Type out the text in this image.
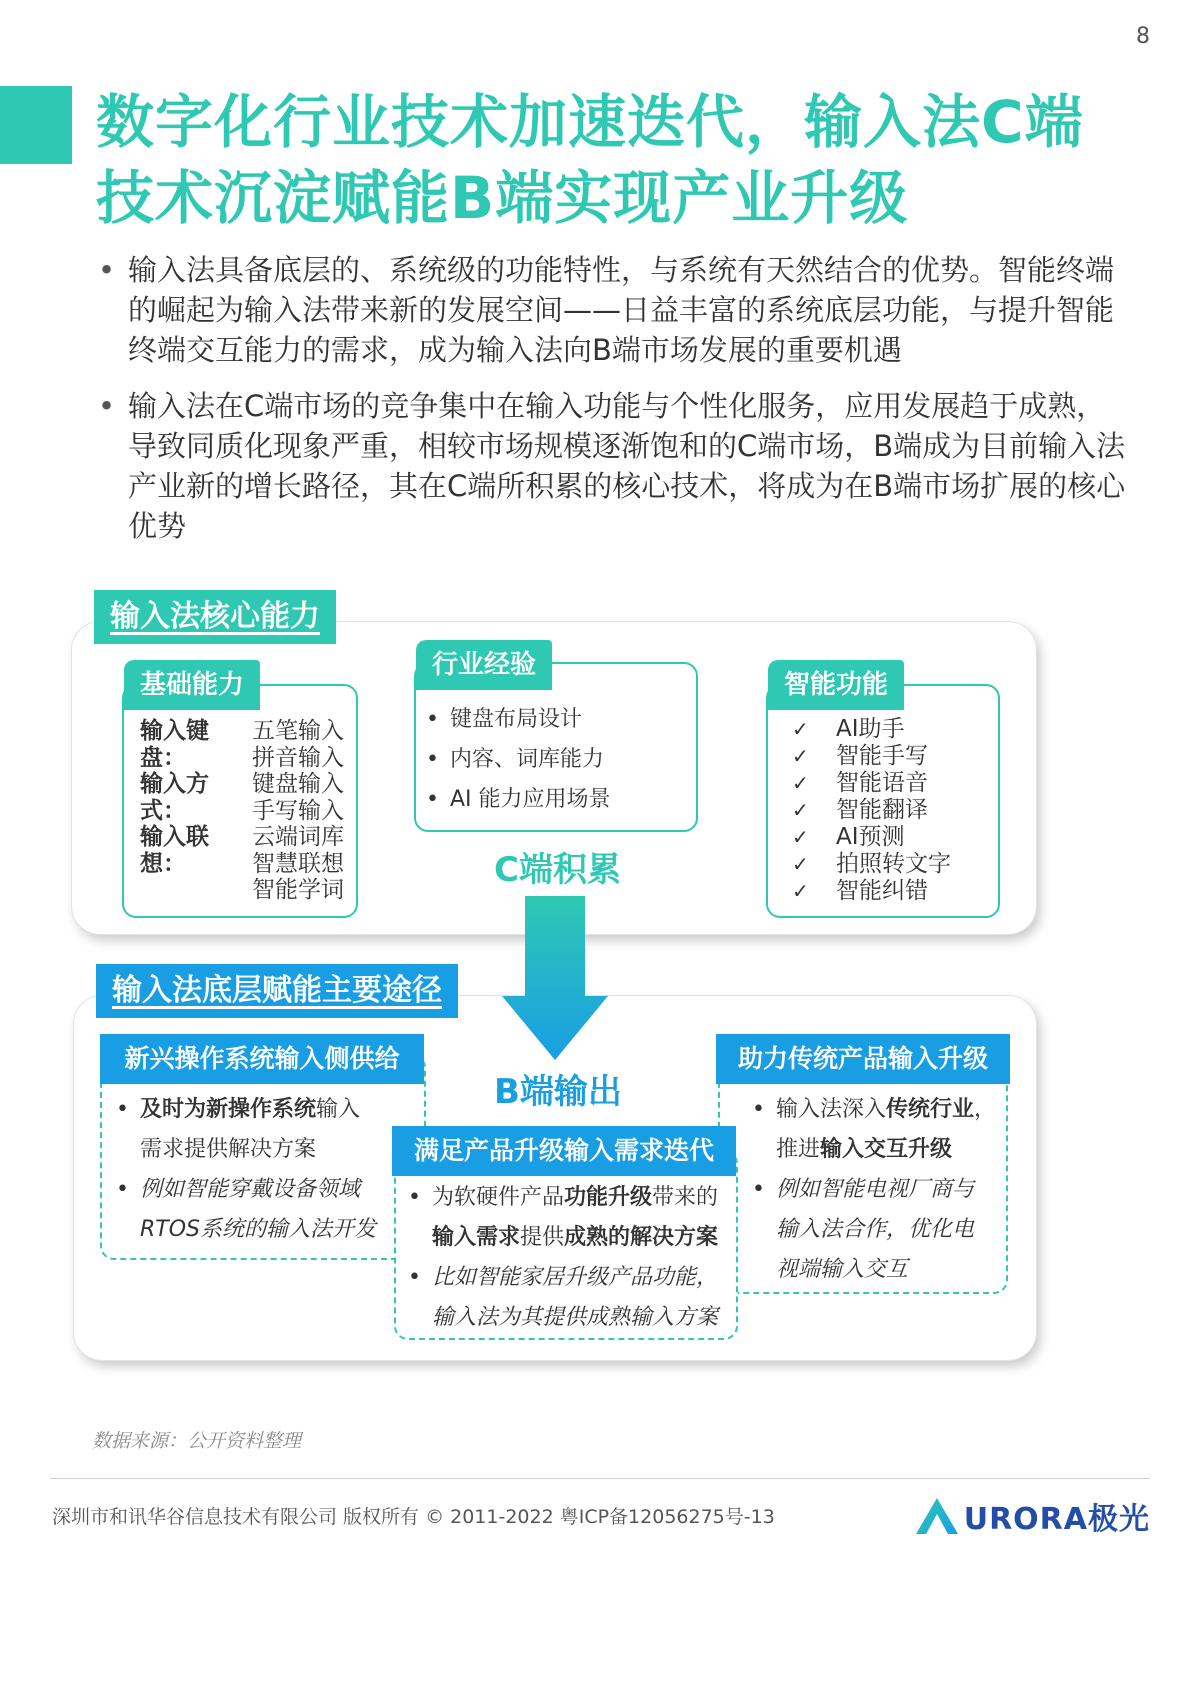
8
数字化行业技术加速迭代，输入法C端
技术沉淀赋能B端实现产业升级
• 输入法具备底层的、系统级的功能特性，与系统有天然结合的优势。智能终端的崛起为输入法带来新的发展空间——日益丰富的系统底层功能，与提升智能终端交互能力的需求，成为输入法向B端市场发展的重要机遇
• 输入法在C端市场的竞争集中在输入功能与个性化服务，应用发展趋于成熟，导致同质化现象严重，相较市场规模逐渐饱和的C端市场，B端成为目前输入法产业新的增长路径，其在C端所积累的核心技术，将成为在B端市场扩展的核心优势
输入法核心能力
基础能力
输入键盘：
五笔输入
拼音输入
输入方式：
键盘输入
手写输入
输入联想：
云端词库
智慧联想
智能学词
行业经验
• 键盘布局设计
• 内容、词库能力
• AI 能力应用场景
智能功能
✓ AI助手
✓ 智能手写
✓ 智能语音
✓ 智能翻译
✓ AI预测
✓ 拍照转文字
✓ 智能纠错
C端积累
输入法底层赋能主要途径
B端输出
新兴操作系统输入侧供给
• 及时为新操作系统输入
需求提供解决方案
• 例如智能穿戴设备领域
RTOS系统的输入法开发
助力传统产品输入升级
• 输入法深入传统行业，
推进输入交互升级
• 例如智能电视厂商与
输入法合作，优化电
视端输入交互
满足产品升级输入需求迭代
• 为软硬件产品功能升级带来的
输入需求提供成熟的解决方案
• 比如智能家居升级产品功能，
输入法为其提供成熟输入方案
数据来源：公开资料整理
深圳市和讯华谷信息技术有限公司 版权所有 © 2011-2022 粤ICP备12056275号-13	URORA极光
